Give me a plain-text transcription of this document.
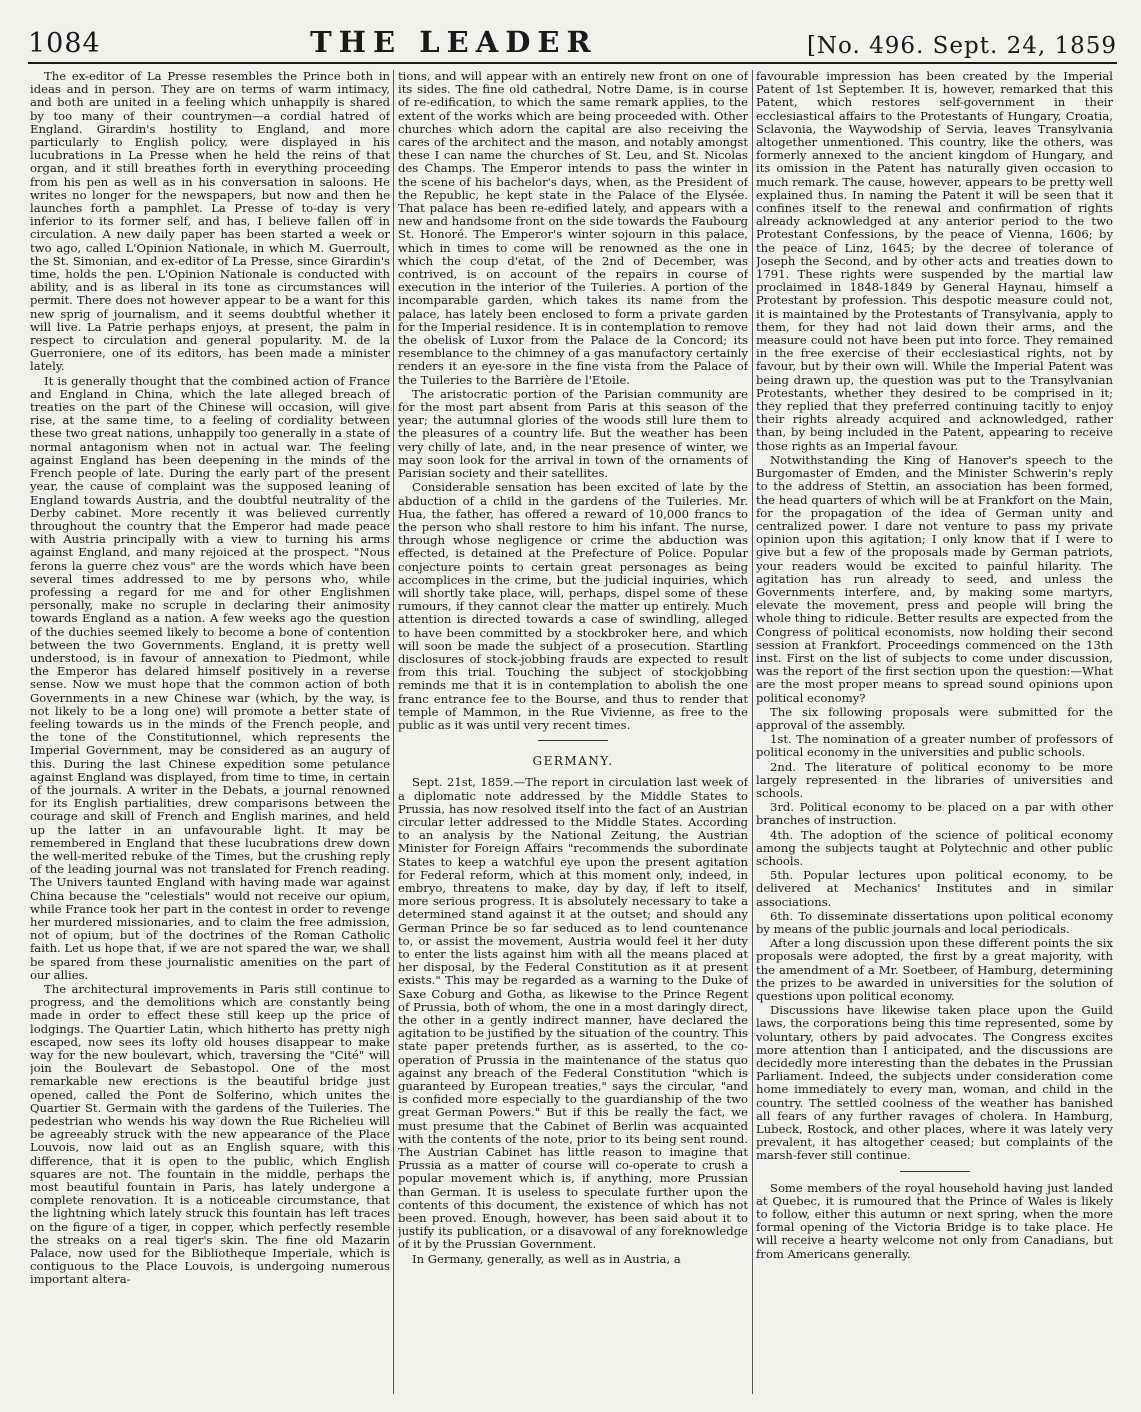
1084	THE LEADER	[No. 496. Sept. 24, 1859

The ex-editor of La Presse resembles the Prince both in ideas and in person. They are on terms of warm intimacy, and both are united in a feeling which unhappily is shared by too many of their countrymen—a cordial hatred of England. Girardin's hostility to England, and more particularly to English policy, were displayed in his lucubrations in La Presse when he held the reins of that organ, and it still breathes forth in everything proceeding from his pen as well as in his conversation in saloons. He writes no longer for the newspapers, but now and then he launches forth a pamphlet. La Presse of to-day is very inferior to its former self, and has, I believe fallen off in circulation. A new daily paper has been started a week or two ago, called L'Opinion Nationale, in which M. Guerroult, the St. Simonian, and ex-editor of La Presse, since Girardin's time, holds the pen. L'Opinion Nationale is conducted with ability, and is as liberal in its tone as circumstances will permit. There does not however appear to be a want for this new sprig of journalism, and it seems doubtful whether it will live. La Patrie perhaps enjoys, at present, the palm in respect to circulation and general popularity. M. de la Guerroniere, one of its editors, has been made a minister lately.

It is generally thought that the combined action of France and England in China, which the late alleged breach of treaties on the part of the Chinese will occasion, will give rise, at the same time, to a feeling of cordiality between these two great nations, unhappily too generally in a state of normal antagonism when not in actual war. The feeling against England has been deepening in the minds of the French people of late. During the early part of the present year, the cause of complaint was the supposed leaning of England towards Austria, and the doubtful neutrality of the Derby cabinet. More recently it was believed currently throughout the country that the Emperor had made peace with Austria principally with a view to turning his arms against England, and many rejoiced at the prospect. "Nous ferons la guerre chez vous" are the words which have been several times addressed to me by persons who, while professing a regard for me and for other Englishmen personally, make no scruple in declaring their animosity towards England as a nation. A few weeks ago the question of the duchies seemed likely to become a bone of contention between the two Governments. England, it is pretty well understood, is in favour of annexation to Piedmont, while the Emperor has delared himself positively in a reverse sense. Now we must hope that the common action of both Governments in a new Chinese war (which, by the way, is not likely to be a long one) will promote a better state of feeling towards us in the minds of the French people, and the tone of the Constitutionnel, which represents the Imperial Government, may be considered as an augury of this. During the last Chinese expedition some petulance against England was displayed, from time to time, in certain of the journals. A writer in the Debats, a journal renowned for its English partialities, drew comparisons between the courage and skill of French and English marines, and held up the latter in an unfavourable light. It may be remembered in England that these lucubrations drew down the well-merited rebuke of the Times, but the crushing reply of the leading journal was not translated for French reading. The Univers taunted England with having made war against China because the "celestials" would not receive our opium, while France took her part in the contest in order to revenge her murdered missionaries, and to claim the free admission, not of opium, but of the doctrines of the Roman Catholic faith. Let us hope that, if we are not spared the war, we shall be spared from these journalistic amenities on the part of our allies.

The architectural improvements in Paris still continue to progress, and the demolitions which are constantly being made in order to effect these still keep up the price of lodgings. The Quartier Latin, which hitherto has pretty nigh escaped, now sees its lofty old houses disappear to make way for the new boulevart, which, traversing the "Cité" will join the Boulevart de Sebastopol. One of the most remarkable new erections is the beautiful bridge just opened, called the Pont de Solferino, which unites the Quartier St. Germain with the gardens of the Tuileries. The pedestrian who wends his way down the Rue Richelieu will be agreeably struck with the new appearance of the Place Louvois, now laid out as an English square, with this difference, that it is open to the public, which English squares are not. The fountain in the middle, perhaps the most beautiful fountain in Paris, has lately undergone a complete renovation. It is a noticeable circumstance, that the lightning which lately struck this fountain has left traces on the figure of a tiger, in copper, which perfectly resemble the streaks on a real tiger's skin. The fine old Mazarin Palace, now used for the Bibliotheque Imperiale, which is contiguous to the Place Louvois, is undergoing numerous important altera-

tions, and will appear with an entirely new front on one of its sides. The fine old cathedral, Notre Dame, is in course of re-edification, to which the same remark applies, to the extent of the works which are being proceeded with. Other churches which adorn the capital are also receiving the cares of the architect and the mason, and notably amongst these I can name the churches of St. Leu, and St. Nicolas des Champs. The Emperor intends to pass the winter in the scene of his bachelor's days, when, as the President of the Republic, he kept state in the Palace of the Elysée. That palace has been re-edified lately, and appears with a new and handsome front on the side towards the Faubourg St. Honoré. The Emperor's winter sojourn in this palace, which in times to come will be renowned as the one in which the coup d'etat, of the 2nd of December, was contrived, is on account of the repairs in course of execution in the interior of the Tuileries. A portion of the incomparable garden, which takes its name from the palace, has lately been enclosed to form a private garden for the Imperial residence. It is in contemplation to remove the obelisk of Luxor from the Palace de la Concord; its resemblance to the chimney of a gas manufactory certainly renders it an eye-sore in the fine vista from the Palace of the Tuileries to the Barrière de l'Etoile.

The aristocratic portion of the Parisian community are for the most part absent from Paris at this season of the year; the autumnal glories of the woods still lure them to the pleasures of a country life. But the weather has been very chilly of late, and, in the near presence of winter, we may soon look for the arrival in town of the ornaments of Parisian society and their satellites.

Considerable sensation has been excited of late by the abduction of a child in the gardens of the Tuileries. Mr. Hua, the father, has offered a reward of 10,000 francs to the person who shall restore to him his infant. The nurse, through whose negligence or crime the abduction was effected, is detained at the Prefecture of Police. Popular conjecture points to certain great personages as being accomplices in the crime, but the judicial inquiries, which will shortly take place, will, perhaps, dispel some of these rumours, if they cannot clear the matter up entirely. Much attention is directed towards a case of swindling, alleged to have been committed by a stockbroker here, and which will soon be made the subject of a prosecution. Startling disclosures of stock-jobbing frauds are expected to result from this trial. Touching the subject of stockjobbing reminds me that it is in contemplation to abolish the one franc entrance fee to the Bourse, and thus to render that temple of Mammon, in the Rue Vivienne, as free to the public as it was until very recent times.

GERMANY.

Sept. 21st, 1859.—The report in circulation last week of a diplomatic note addressed by the Middle States to Prussia, has now resolved itself into the fact of an Austrian circular letter addressed to the Middle States. According to an analysis by the National Zeitung, the Austrian Minister for Foreign Affairs "recommends the subordinate States to keep a watchful eye upon the present agitation for Federal reform, which at this moment only, indeed, in embryo, threatens to make, day by day, if left to itself, more serious progress. It is absolutely necessary to take a determined stand against it at the outset; and should any German Prince be so far seduced as to lend countenance to, or assist the movement, Austria would feel it her duty to enter the lists against him with all the means placed at her disposal, by the Federal Constitution as it at present exists." This may be regarded as a warning to the Duke of Saxe Coburg and Gotha, as likewise to the Prince Regent of Prussia, both of whom, the one in a most daringly direct, the other in a gently indirect manner, have declared the agitation to be justified by the situation of the country. This state paper pretends further, as is asserted, to the co-operation of Prussia in the maintenance of the status quo against any breach of the Federal Constitution "which is guaranteed by European treaties," says the circular, "and is confided more especially to the guardianship of the two great German Powers." But if this be really the fact, we must presume that the Cabinet of Berlin was acquainted with the contents of the note, prior to its being sent round. The Austrian Cabinet has little reason to imagine that Prussia as a matter of course will co-operate to crush a popular movement which is, if anything, more Prussian than German. It is useless to speculate further upon the contents of this document, the existence of which has not been proved. Enough, however, has been said about it to justify its publication, or a disavowal of any foreknowledge of it by the Prussian Government.

In Germany, generally, as well as in Austria, a

favourable impression has been created by the Imperial Patent of 1st September. It is, however, remarked that this Patent, which restores self-government in their ecclesiastical affairs to the Protestants of Hungary, Croatia, Sclavonia, the Waywodship of Servia, leaves Transylvania altogether unmentioned. This country, like the others, was formerly annexed to the ancient kingdom of Hungary, and its omission in the Patent has naturally given occasion to much remark. The cause, however, appears to be pretty well explained thus. In naming the Patent it will be seen that it confines itself to the renewal and confirmation of rights already acknowledged at any anterior period to the two Protestant Confessions, by the peace of Vienna, 1606; by the peace of Linz, 1645; by the decree of tolerance of Joseph the Second, and by other acts and treaties down to 1791. These rights were suspended by the martial law proclaimed in 1848-1849 by General Haynau, himself a Protestant by profession. This despotic measure could not, it is maintained by the Protestants of Transylvania, apply to them, for they had not laid down their arms, and the measure could not have been put into force. They remained in the free exercise of their ecclesiastical rights, not by favour, but by their own will. While the Imperial Patent was being drawn up, the question was put to the Transylvanian Protestants, whether they desired to be comprised in it; they replied that they preferred continuing tacitly to enjoy their rights already acquired and acknowledged, rather than, by being included in the Patent, appearing to receive those rights as an Imperial favour.

Notwithstanding the King of Hanover's speech to the Burgomaster of Emden, and the Minister Schwerin's reply to the address of Stettin, an association has been formed, the head quarters of which will be at Frankfort on the Main, for the propagation of the idea of German unity and centralized power. I dare not venture to pass my private opinion upon this agitation; I only know that if I were to give but a few of the proposals made by German patriots, your readers would be excited to painful hilarity. The agitation has run already to seed, and unless the Governments interfere, and, by making some martyrs, elevate the movement, press and people will bring the whole thing to ridicule. Better results are expected from the Congress of political economists, now holding their second session at Frankfort. Proceedings commenced on the 13th inst. First on the list of subjects to come under discussion, was the report of the first section upon the question:—What are the most proper means to spread sound opinions upon political economy?

The six following proposals were submitted for the approval of the assembly.

1st. The nomination of a greater number of professors of political economy in the universities and public schools.

2nd. The literature of political economy to be more largely represented in the libraries of universities and schools.

3rd. Political economy to be placed on a par with other branches of instruction.

4th. The adoption of the science of political economy among the subjects taught at Polytechnic and other public schools.

5th. Popular lectures upon political economy, to be delivered at Mechanics' Institutes and in similar associations.

6th. To disseminate dissertations upon political economy by means of the public journals and local periodicals.

After a long discussion upon these different points the six proposals were adopted, the first by a great majority, with the amendment of a Mr. Soetbeer, of Hamburg, determining the prizes to be awarded in universities for the solution of questions upon political economy.

Discussions have likewise taken place upon the Guild laws, the corporations being this time represented, some by voluntary, others by paid advocates. The Congress excites more attention than I anticipated, and the discussions are decidedly more interesting than the debates in the Prussian Parliament. Indeed, the subjects under consideration come home immediately to every man, woman, and child in the country. The settled coolness of the weather has banished all fears of any further ravages of cholera. In Hamburg, Lubeck, Rostock, and other places, where it was lately very prevalent, it has altogether ceased; but complaints of the marsh-fever still continue.

Some members of the royal household having just landed at Quebec, it is rumoured that the Prince of Wales is likely to follow, either this autumn or next spring, when the more formal opening of the Victoria Bridge is to take place. He will receive a hearty welcome not only from Canadians, but from Americans generally.
